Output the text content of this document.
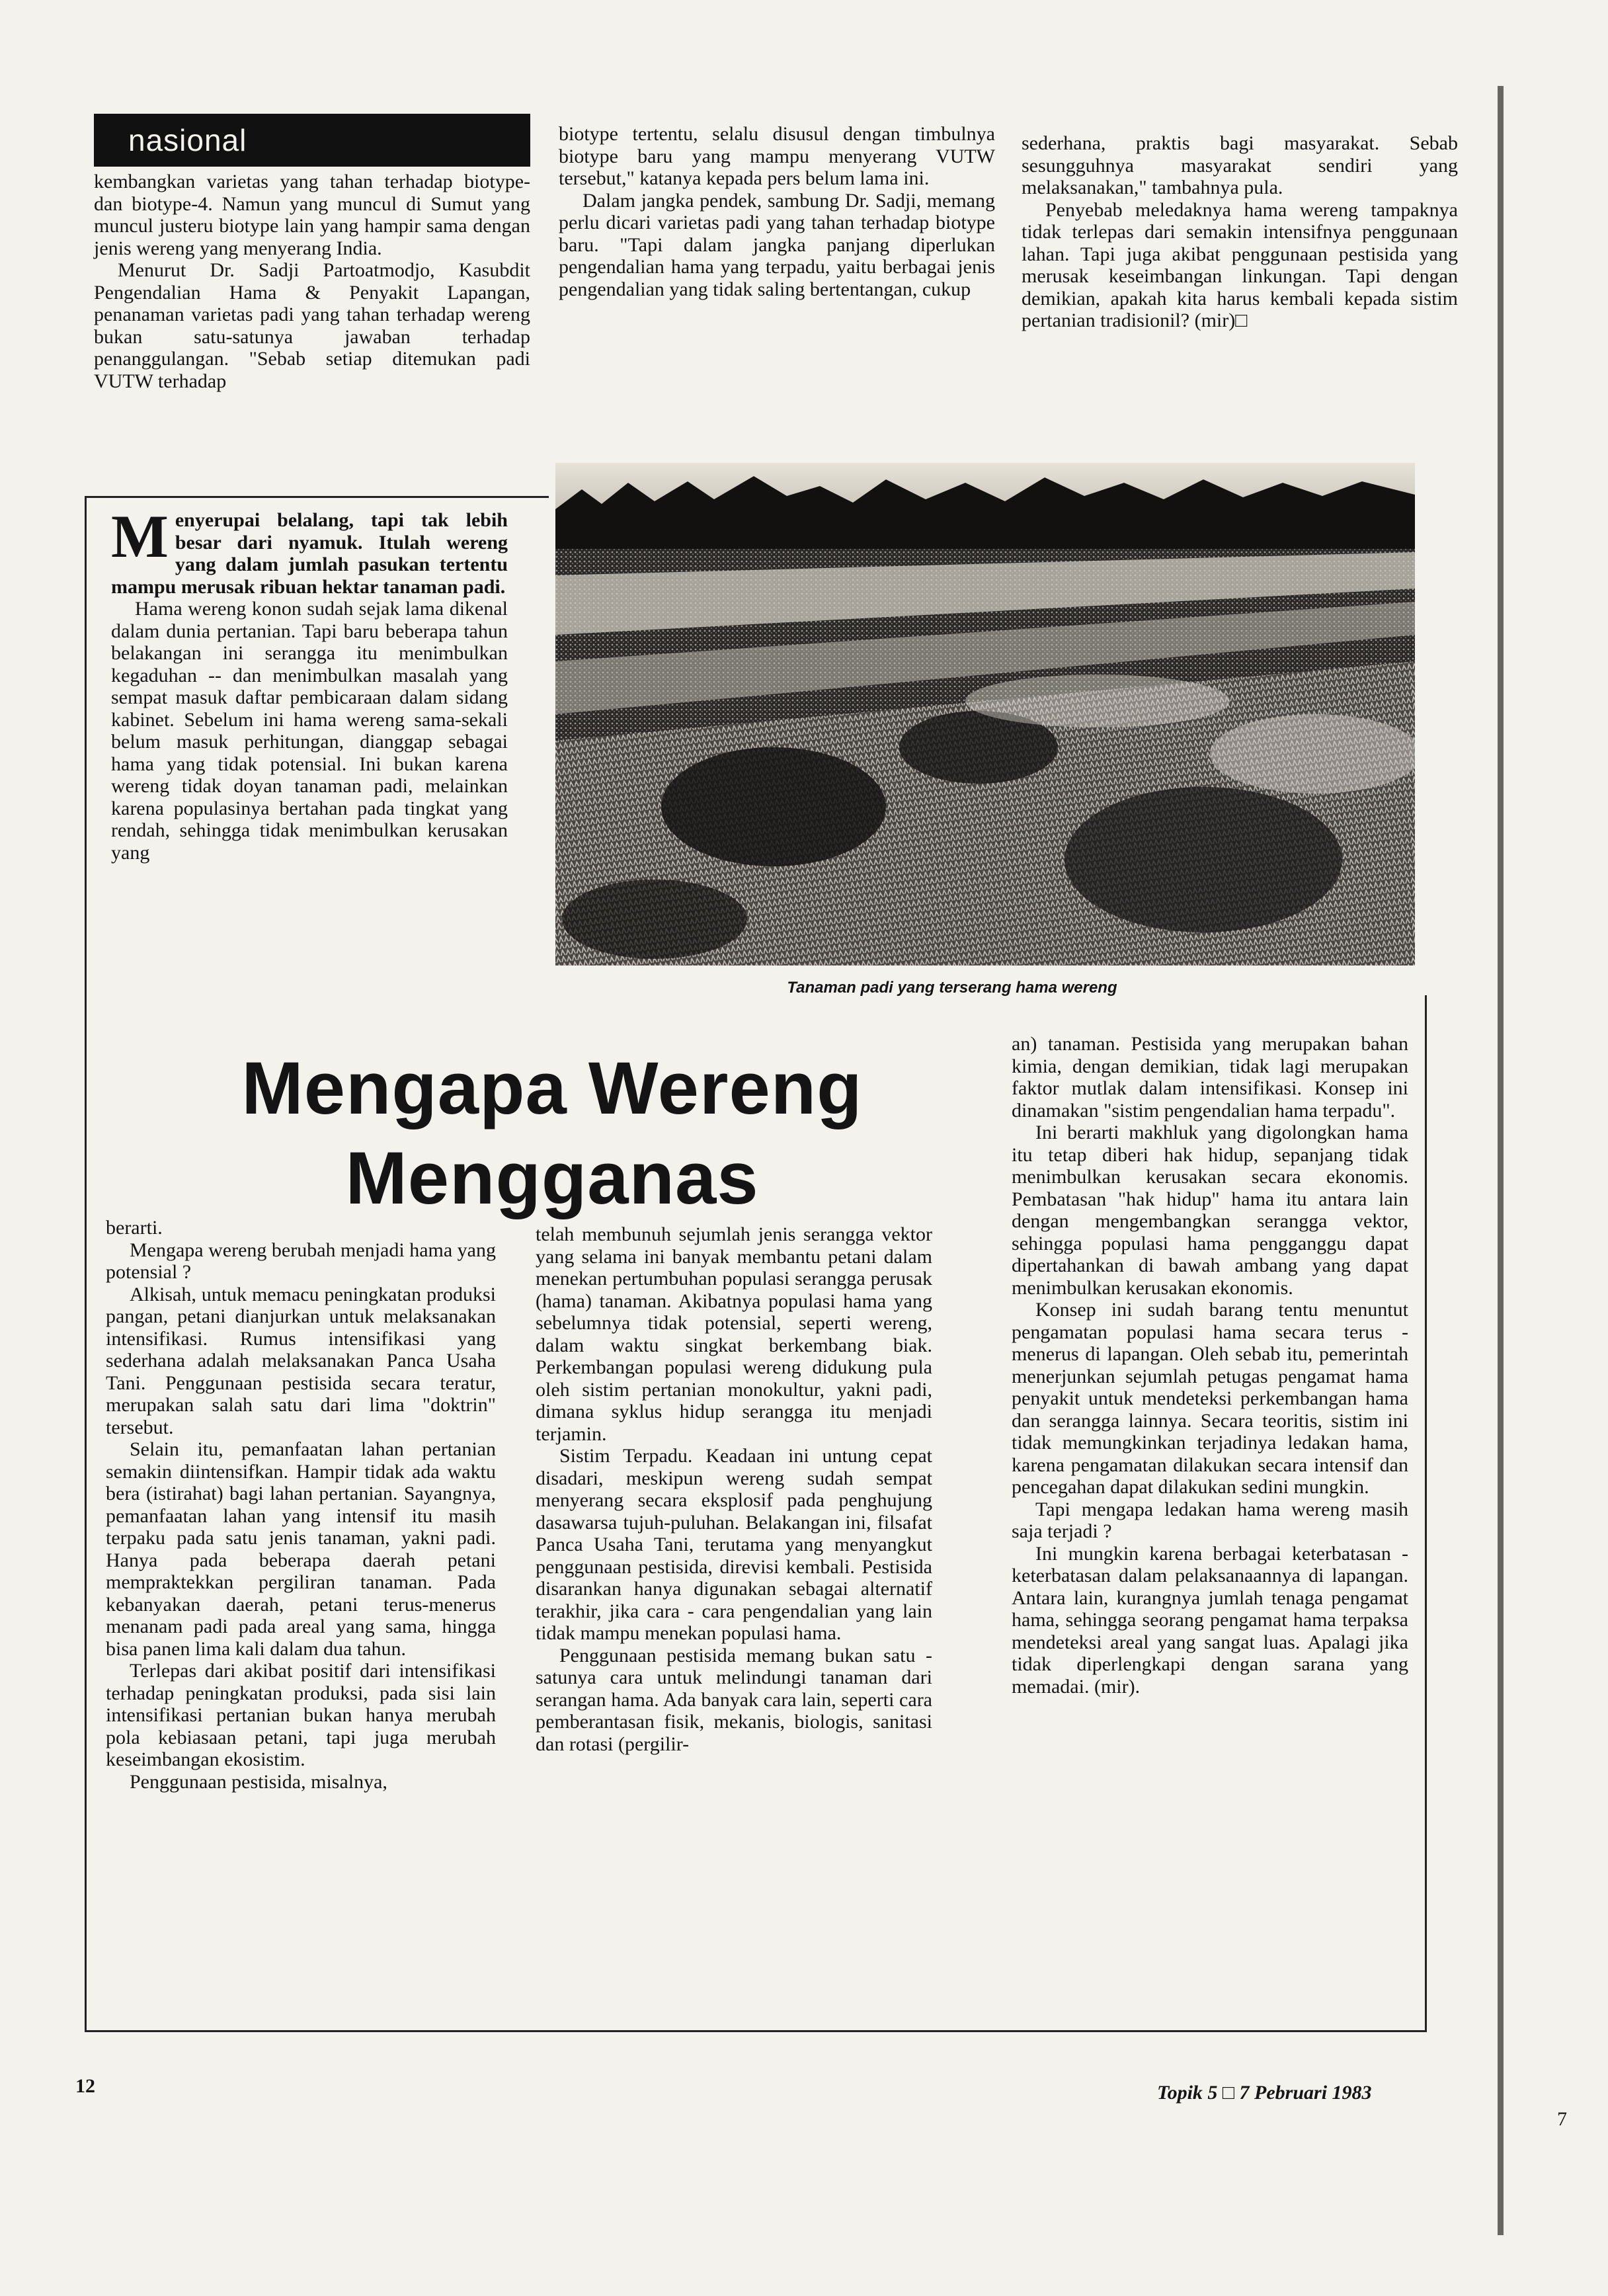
nasional

kembangkan varietas yang tahan terhadap biotype- dan biotype-4. Namun yang muncul di Sumut yang muncul justeru biotype lain yang hampir sama dengan jenis wereng yang menyerang India.

Menurut Dr. Sadji Partoatmodjo, Kasubdit Pengendalian Hama & Penyakit Lapangan, penanaman varietas padi yang tahan terhadap wereng bukan satu-satunya jawaban terhadap penanggulangan. "Sebab setiap ditemukan padi VUTW terhadap

biotype tertentu, selalu disusul dengan timbulnya biotype baru yang mampu menyerang VUTW tersebut," katanya kepada pers belum lama ini.

Dalam jangka pendek, sambung Dr. Sadji, memang perlu dicari varietas padi yang tahan terhadap biotype baru. "Tapi dalam jangka panjang diperlukan pengendalian hama yang terpadu, yaitu berbagai jenis pengendalian yang tidak saling bertentangan, cukup

sederhana, praktis bagi masyarakat. Sebab sesungguhnya masyarakat sendiri yang melaksanakan," tambahnya pula.

Penyebab meledaknya hama wereng tampaknya tidak terlepas dari semakin intensifnya penggunaan lahan. Tapi juga akibat penggunaan pestisida yang merusak keseimbangan linkungan. Tapi dengan demikian, apakah kita harus kembali kepada sistim pertanian tradisionil? (mir)□

Menyerupai belalang, tapi tak lebih besar dari nyamuk. Itulah wereng yang dalam jumlah pasukan tertentu mampu merusak ribuan hektar tanaman padi.

Hama wereng konon sudah sejak lama dikenal dalam dunia pertanian. Tapi baru beberapa tahun belakangan ini serangga itu menimbulkan kegaduhan -- dan menimbulkan masalah yang sempat masuk daftar pembicaraan dalam sidang kabinet. Sebelum ini hama wereng sama-sekali belum masuk perhitungan, dianggap sebagai hama yang tidak potensial. Ini bukan karena wereng tidak doyan tanaman padi, melainkan karena populasinya bertahan pada tingkat yang rendah, sehingga tidak menimbulkan kerusakan yang

Tanaman padi yang terserang hama wereng
Mengapa Wereng
Mengganas

berarti.

Mengapa wereng berubah menjadi hama yang potensial ?

Alkisah, untuk memacu peningkatan produksi pangan, petani dianjurkan untuk melaksanakan intensifikasi. Rumus intensifikasi yang sederhana adalah melaksanakan Panca Usaha Tani. Penggunaan pestisida secara teratur, merupakan salah satu dari lima "doktrin" tersebut.

Selain itu, pemanfaatan lahan pertanian semakin diintensifkan. Hampir tidak ada waktu bera (istirahat) bagi lahan pertanian. Sayangnya, pemanfaatan lahan yang intensif itu masih terpaku pada satu jenis tanaman, yakni padi. Hanya pada beberapa daerah petani mempraktekkan pergiliran tanaman. Pada kebanyakan daerah, petani terus-menerus menanam padi pada areal yang sama, hingga bisa panen lima kali dalam dua tahun.

Terlepas dari akibat positif dari intensifikasi terhadap peningkatan produksi, pada sisi lain intensifikasi pertanian bukan hanya merubah pola kebiasaan petani, tapi juga merubah keseimbangan ekosistim.

Penggunaan pestisida, misalnya,

telah membunuh sejumlah jenis serangga vektor yang selama ini banyak membantu petani dalam menekan pertumbuhan populasi serangga perusak (hama) tanaman. Akibatnya populasi hama yang sebelumnya tidak potensial, seperti wereng, dalam waktu singkat berkembang biak. Perkembangan populasi wereng didukung pula oleh sistim pertanian monokultur, yakni padi, dimana syklus hidup serangga itu menjadi terjamin.

Sistim Terpadu. Keadaan ini untung cepat disadari, meskipun wereng sudah sempat menyerang secara eksplosif pada penghujung dasawarsa tujuh-puluhan. Belakangan ini, filsafat Panca Usaha Tani, terutama yang menyangkut penggunaan pestisida, direvisi kembali. Pestisida disarankan hanya digunakan sebagai alternatif terakhir, jika cara - cara pengendalian yang lain tidak mampu menekan populasi hama.

Penggunaan pestisida memang bukan satu - satunya cara untuk melindungi tanaman dari serangan hama. Ada banyak cara lain, seperti cara pemberantasan fisik, mekanis, biologis, sanitasi dan rotasi (pergilir-

an) tanaman. Pestisida yang merupakan bahan kimia, dengan demikian, tidak lagi merupakan faktor mutlak dalam intensifikasi. Konsep ini dinamakan "sistim pengendalian hama terpadu".

Ini berarti makhluk yang digolongkan hama itu tetap diberi hak hidup, sepanjang tidak menimbulkan kerusakan secara ekonomis. Pembatasan "hak hidup" hama itu antara lain dengan mengembangkan serangga vektor, sehingga populasi hama pengganggu dapat dipertahankan di bawah ambang yang dapat menimbulkan kerusakan ekonomis.

Konsep ini sudah barang tentu menuntut pengamatan populasi hama secara terus - menerus di lapangan. Oleh sebab itu, pemerintah menerjunkan sejumlah petugas pengamat hama penyakit untuk mendeteksi perkembangan hama dan serangga lainnya. Secara teoritis, sistim ini tidak memungkinkan terjadinya ledakan hama, karena pengamatan dilakukan secara intensif dan pencegahan dapat dilakukan sedini mungkin.

Tapi mengapa ledakan hama wereng masih saja terjadi ?

Ini mungkin karena berbagai keterbatasan - keterbatasan dalam pelaksanaannya di lapangan. Antara lain, kurangnya jumlah tenaga pengamat hama, sehingga seorang pengamat hama terpaksa mendeteksi areal yang sangat luas. Apalagi jika tidak diperlengkapi dengan sarana yang memadai. (mir).

12	Topik 5 □ 7 Pebruari 1983
7
